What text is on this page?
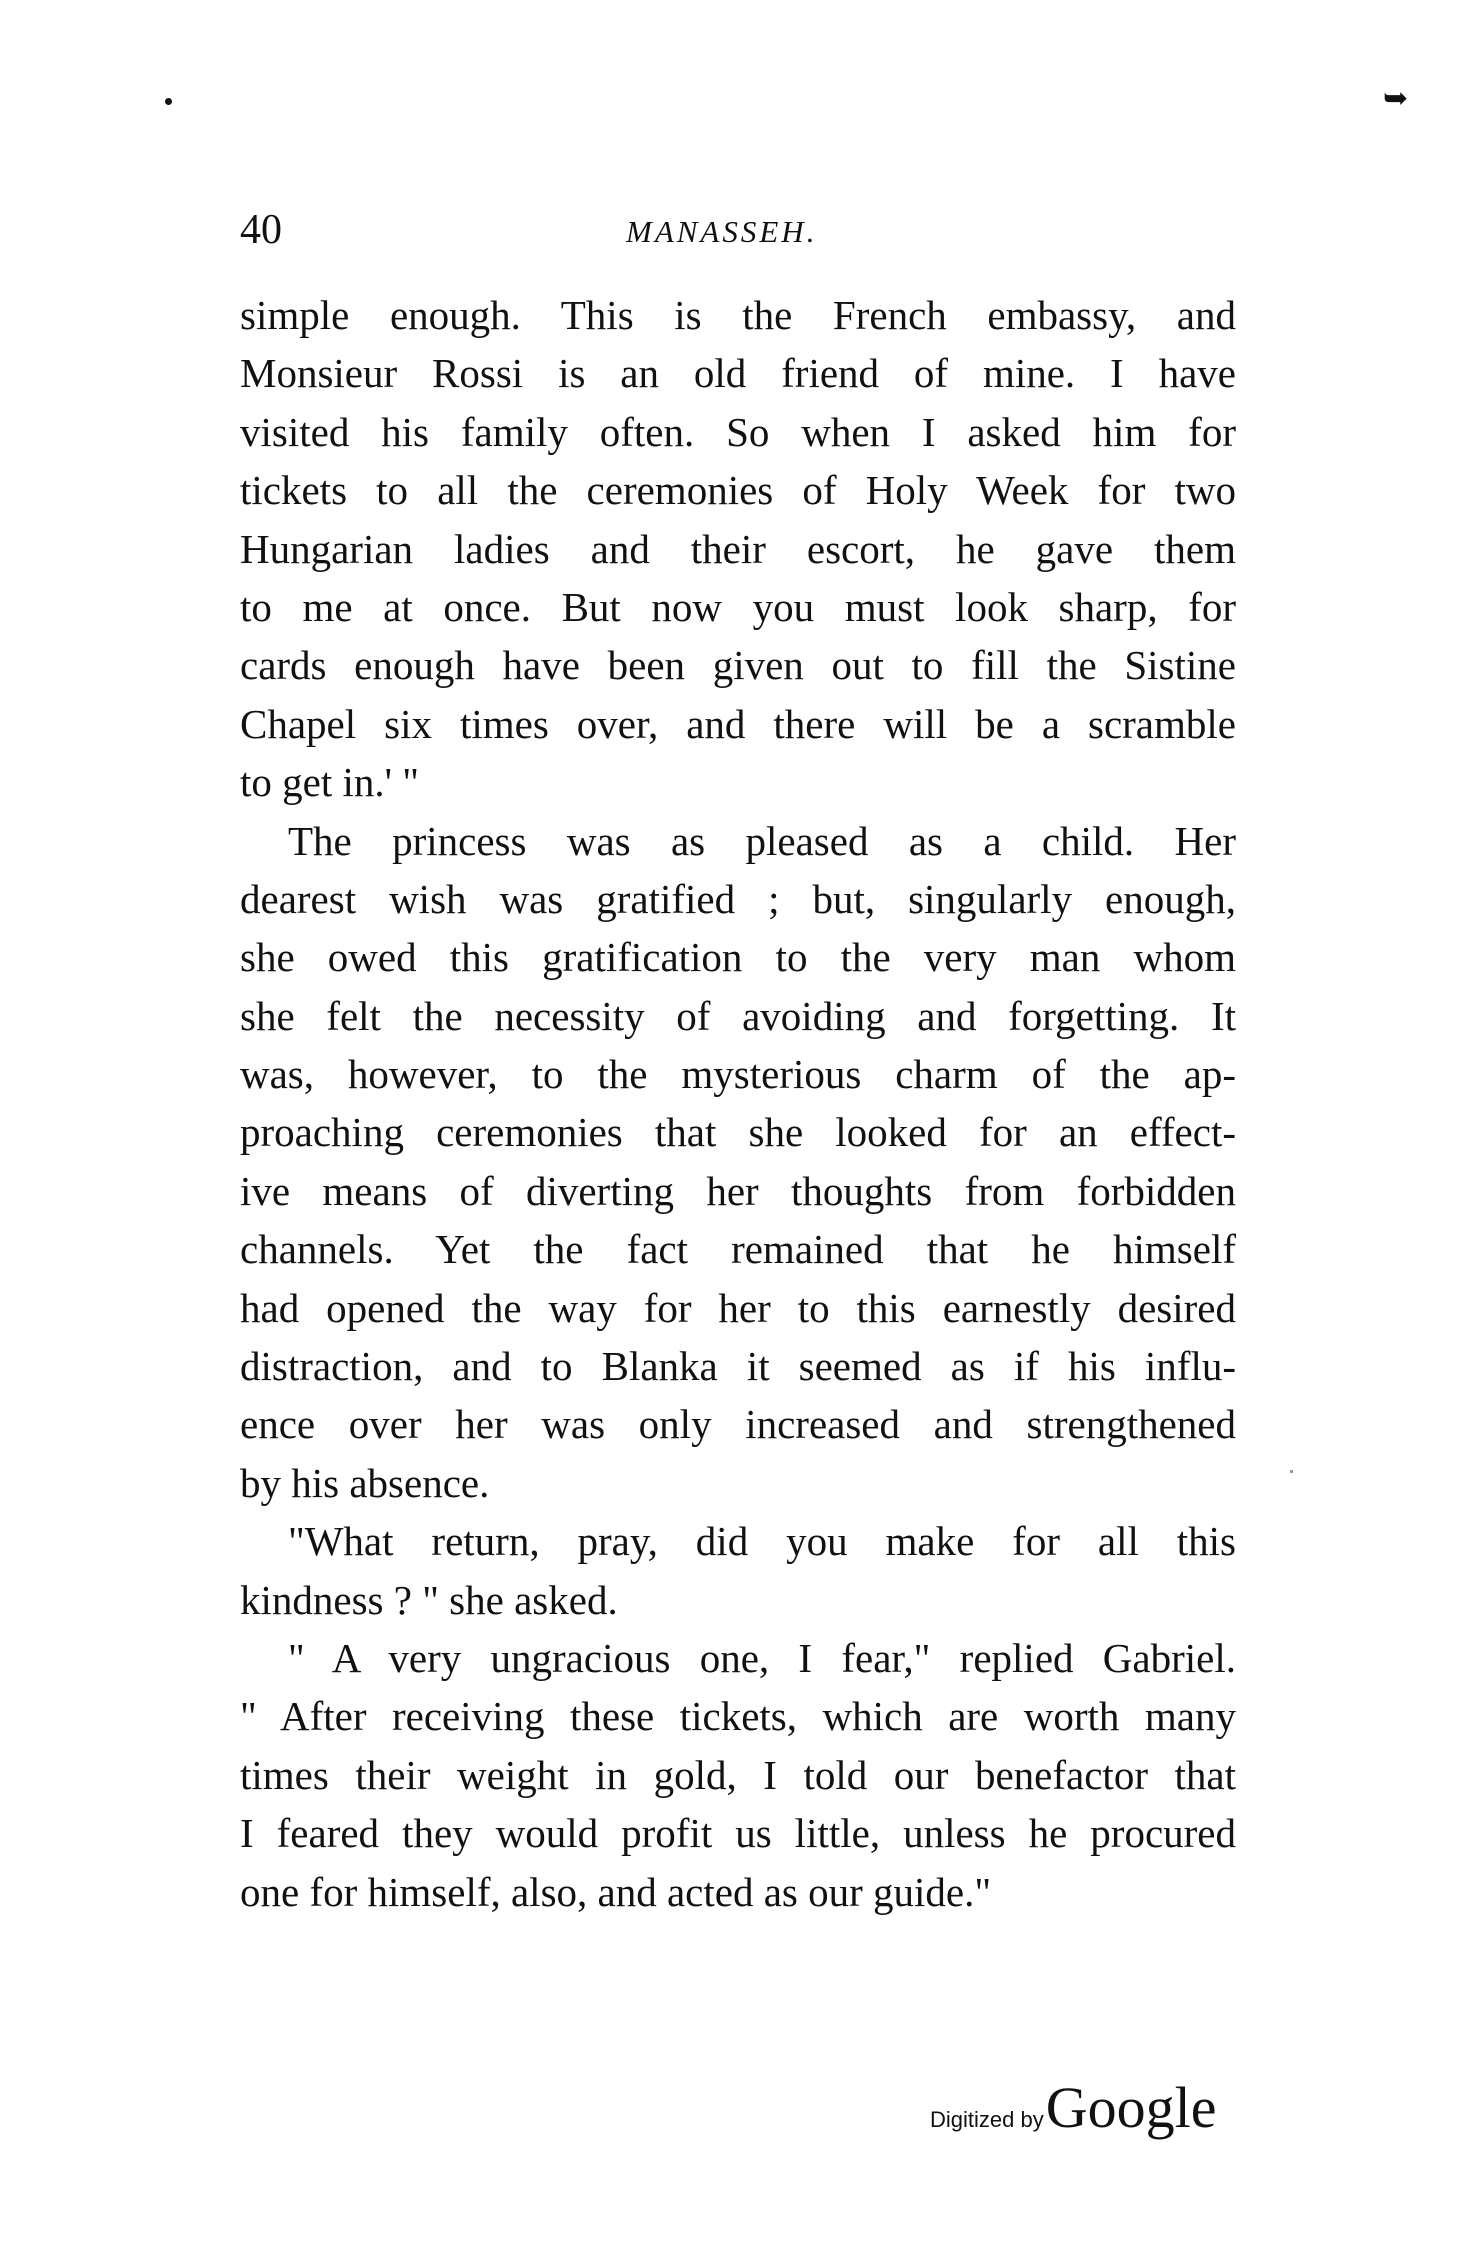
➥
40	MANASSEH.
simple enough. This is the French embassy, and
Monsieur Rossi is an old friend of mine. I have
visited his family often. So when I asked him for
tickets to all the ceremonies of Holy Week for two
Hungarian ladies and their escort, he gave them
to me at once. But now you must look sharp, for
cards enough have been given out to fill the Sistine
Chapel six times over, and there will be a scramble
to get in.' "
The princess was as pleased as a child. Her
dearest wish was gratified ; but, singularly enough,
she owed this gratification to the very man whom
she felt the necessity of avoiding and forgetting. It
was, however, to the mysterious charm of the ap-
proaching ceremonies that she looked for an effect-
ive means of diverting her thoughts from forbidden
channels. Yet the fact remained that he himself
had opened the way for her to this earnestly desired
distraction, and to Blanka it seemed as if his influ-
ence over her was only increased and strengthened
by his absence.
"What return, pray, did you make for all this
kindness ? " she asked.
" A very ungracious one, I fear," replied Gabriel.
" After receiving these tickets, which are worth many
times their weight in gold, I told our benefactor that
I feared they would profit us little, unless he procured
one for himself, also, and acted as our guide."
Digitized byGoogle
